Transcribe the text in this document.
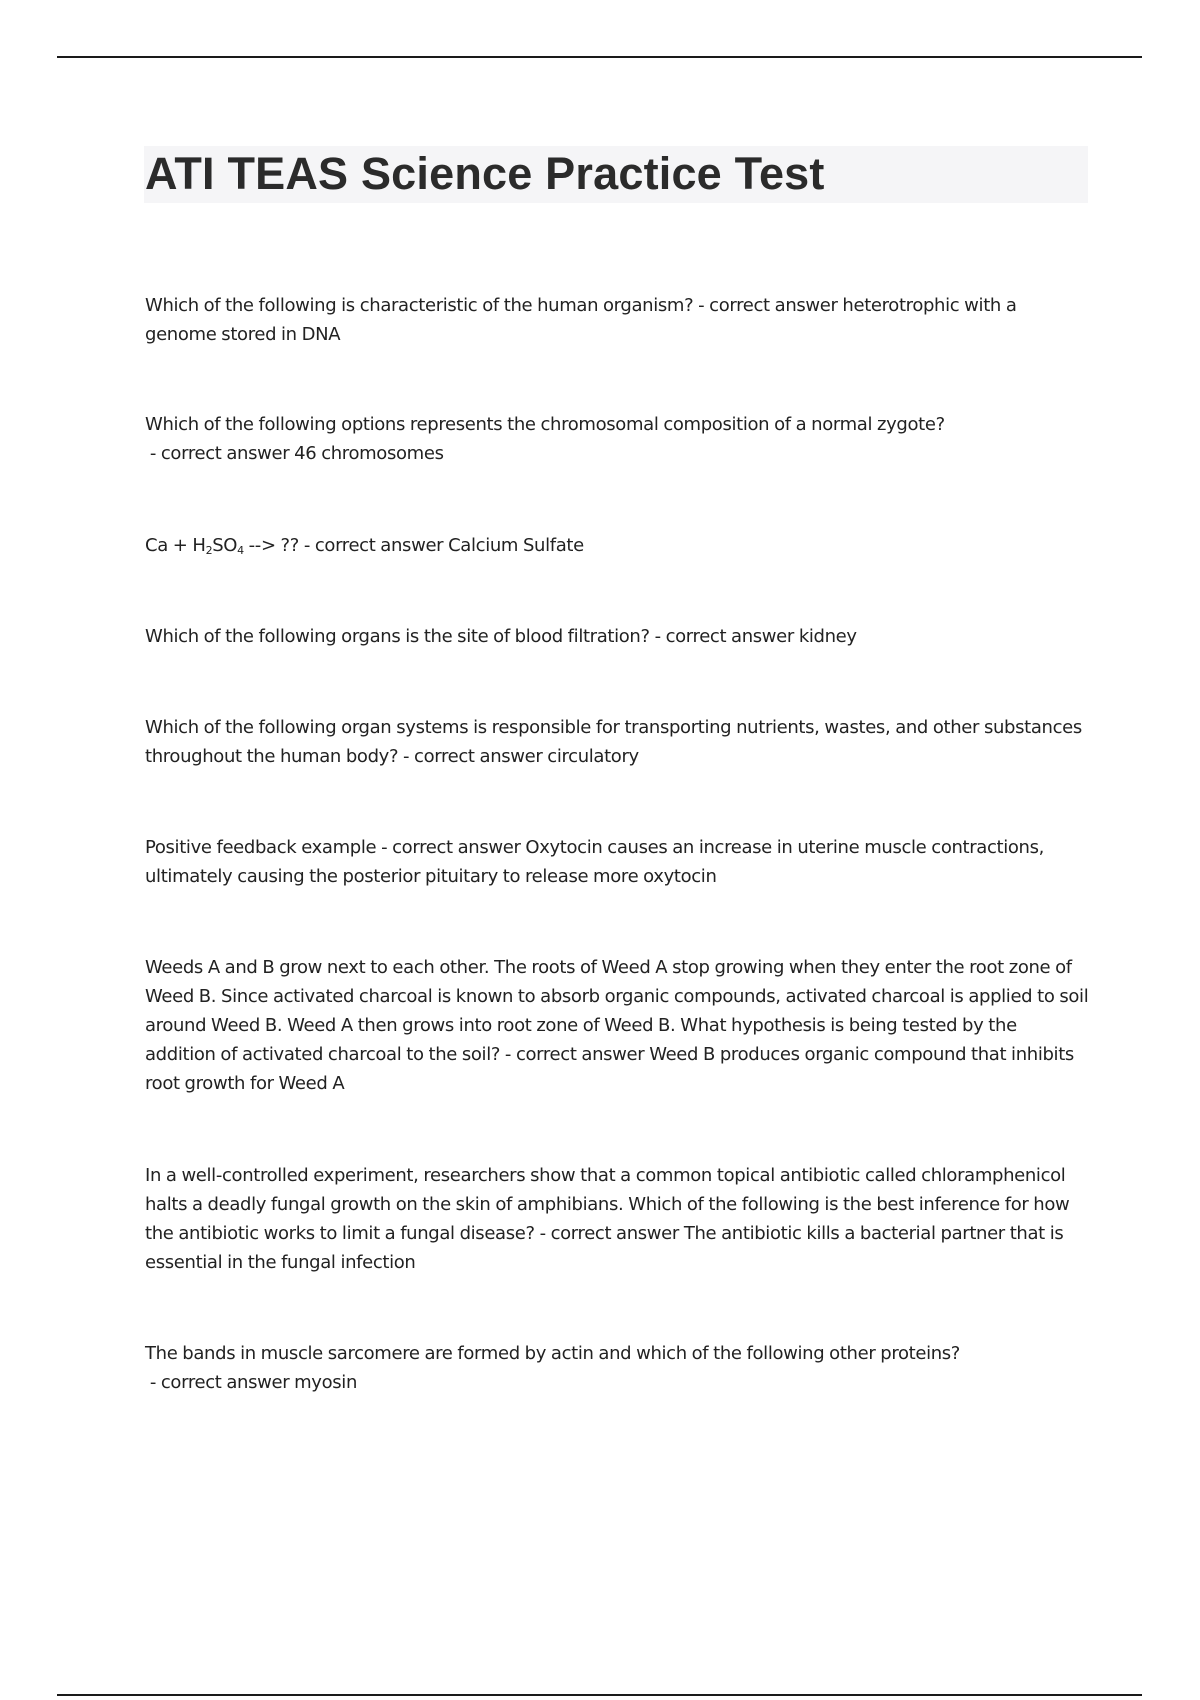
ATI TEAS Science Practice Test

Which of the following is characteristic of the human organism? - correct answer heterotrophic with a genome stored in DNA

Which of the following options represents the chromosomal composition of a normal zygote? - correct answer 46 chromosomes

$Ca + H_2SO_4$ --> ?? - correct answer Calcium Sulfate

Which of the following organs is the site of blood filtration? - correct answer kidney

Which of the following organ systems is responsible for transporting nutrients, wastes, and other substances throughout the human body? - correct answer circulatory

Positive feedback example - correct answer Oxytocin causes an increase in uterine muscle contractions, ultimately causing the posterior pituitary to release more oxytocin

Weeds A and B grow next to each other. The roots of Weed A stop growing when they enter the root zone of Weed B. Since activated charcoal is known to absorb organic compounds, activated charcoal is applied to soil around Weed B. Weed A then grows into root zone of Weed B. What hypothesis is being tested by the addition of activated charcoal to the soil? - correct answer Weed B produces organic compound that inhibits root growth for Weed A

In a well-controlled experiment, researchers show that a common topical antibiotic called chloramphenicol halts a deadly fungal growth on the skin of amphibians. Which of the following is the best inference for how the antibiotic works to limit a fungal disease? - correct answer The antibiotic kills a bacterial partner that is essential in the fungal infection

The bands in muscle sarcomere are formed by actin and which of the following other proteins? - correct answer myosin
